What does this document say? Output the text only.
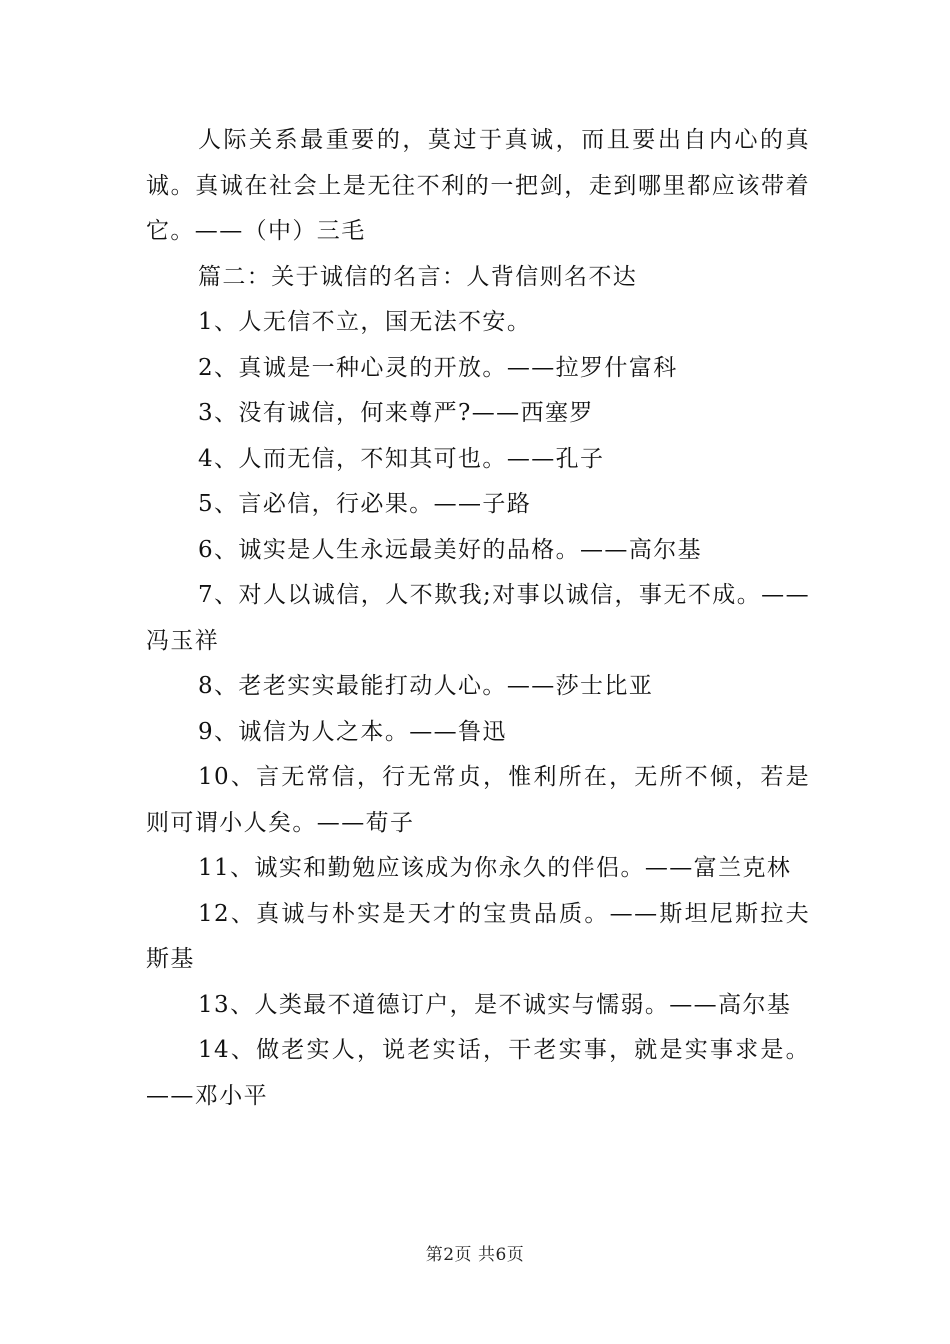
人际关系最重要的，莫过于真诚，而且要出自内心的真诚。真诚在社会上是无往不利的一把剑，走到哪里都应该带着它。——（中）三毛

篇二：关于诚信的名言：人背信则名不达

1、人无信不立，国无法不安。

2、真诚是一种心灵的开放。——拉罗什富科

3、没有诚信，何来尊严?——西塞罗

4、人而无信，不知其可也。——孔子

5、言必信，行必果。——子路

6、诚实是人生永远最美好的品格。——高尔基

7、对人以诚信，人不欺我;对事以诚信，事无不成。——冯玉祥

8、老老实实最能打动人心。——莎士比亚

9、诚信为人之本。——鲁迅

10、言无常信，行无常贞，惟利所在，无所不倾，若是则可谓小人矣。——荀子

11、诚实和勤勉应该成为你永久的伴侣。——富兰克林

12、真诚与朴实是天才的宝贵品质。——斯坦尼斯拉夫斯基

13、人类最不道德订户，是不诚实与懦弱。——高尔基

14、做老实人，说老实话，干老实事，就是实事求是。——邓小平

第2页 共6页
